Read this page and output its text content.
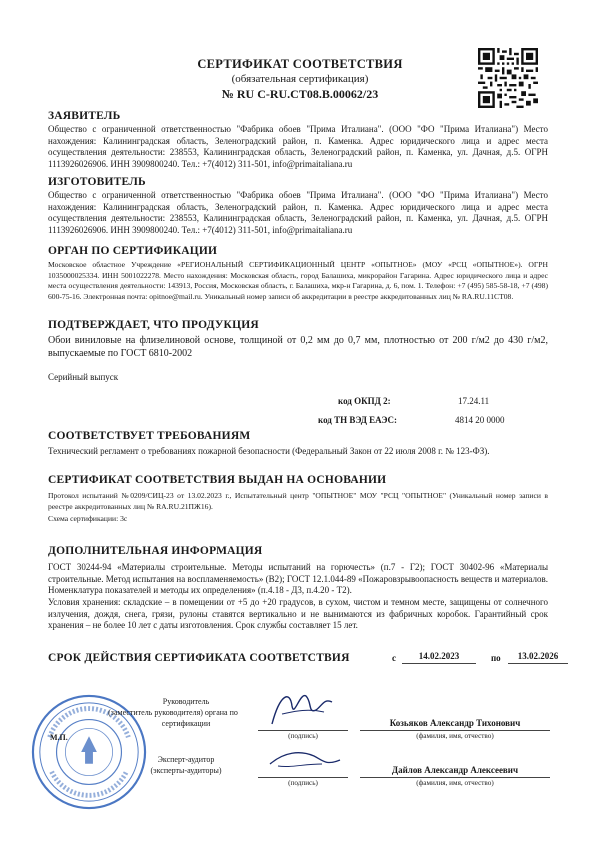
СЕРТИФИКАТ СООТВЕТСТВИЯ
(обязательная сертификация)
№ RU C-RU.СТ08.В.00062/23
ЗАЯВИТЕЛЬ
Общество с ограниченной ответственностью "Фабрика обоев "Прима Италиана". (ООО "ФО "Прима Италиана") Место нахождения: Калининградская область, Зеленоградский район, п. Каменка. Адрес юридического лица и адрес места осуществления деятельности: 238553, Калининградская область, Зеленоградский район, п. Каменка, ул. Дачная, д.5. ОГРН 1113926026906. ИНН 3909800240. Тел.: +7(4012) 311-501, info@primaitaliana.ru
ИЗГОТОВИТЕЛЬ
Общество с ограниченной ответственностью "Фабрика обоев "Прима Италиана". (ООО "ФО "Прима Италиана") Место нахождения: Калининградская область, Зеленоградский район, п. Каменка. Адрес юридического лица и адрес места осуществления деятельности: 238553, Калининградская область, Зеленоградский район, п. Каменка, ул. Дачная, д.5. ОГРН 1113926026906. ИНН 3909800240. Тел.: +7(4012) 311-501, info@primaitaliana.ru
ОРГАН ПО СЕРТИФИКАЦИИ
Московское областное Учреждение «РЕГИОНАЛЬНЫЙ СЕРТИФИКАЦИОННЫЙ ЦЕНТР «ОПЫТНОЕ» (МОУ «РСЦ «ОПЫТНОЕ»). ОГРН 1035000025334. ИНН 5001022278. Место нахождения: Московская область, город Балашиха, микрорайон Гагарина. Адрес юридического лица и адрес места осуществления деятельности: 143913, Россия, Московская область, г. Балашиха, мкр-н Гагарина, д. 6, пом. 1. Телефон: +7 (495) 585-58-18, +7 (498) 600-75-16. Электронная почта: opitnoe@mail.ru. Уникальный номер записи об аккредитации в реестре аккредитованных лиц № RA.RU.11СТ08.
ПОДТВЕРЖДАЕТ, ЧТО ПРОДУКЦИЯ
Обои виниловые на флизелиновой основе, толщиной от 0,2 мм до 0,7 мм, плотностью от 200 г/м2 до 430 г/м2, выпускаемые по ГОСТ 6810-2002
Серийный выпуск
код ОКПД 2:	17.24.11
код ТН ВЭД ЕАЭС:	4814 20 0000
СООТВЕТСТВУЕТ ТРЕБОВАНИЯМ
Технический регламент о требованиях пожарной безопасности (Федеральный Закон от 22 июля 2008 г. № 123-ФЗ).
СЕРТИФИКАТ СООТВЕТСТВИЯ ВЫДАН НА ОСНОВАНИИ
Протокол испытаний №0209/СИЦ-23 от 13.02.2023 г., Испытательный центр "ОПЫТНОЕ" МОУ "РСЦ "ОПЫТНОЕ" (Уникальный номер записи в реестре аккредитованных лиц № RA.RU.21ПЖ16).
Схема сертификации: 3с
ДОПОЛНИТЕЛЬНАЯ ИНФОРМАЦИЯ
ГОСТ 30244-94 «Материалы строительные. Методы испытаний на горючесть» (п.7 - Г2); ГОСТ 30402-96 «Материалы строительные. Метод испытания на воспламеняемость» (В2); ГОСТ 12.1.044-89 «Пожаровзрывоопасность веществ и материалов. Номенклатура показателей и методы их определения» (п.4.18 - Д3, п.4.20 - Т2).
Условия хранения: складские – в помещении от +5 до +20 градусов, в сухом, чистом и темном месте, защищены от солнечного излучения, дождя, снега, грязи, рулоны ставятся вертикально и не вынимаются из фабричных коробок. Гарантийный срок хранения – не более 10 лет с даты изготовления. Срок службы составляет 15 лет.
СРОК ДЕЙСТВИЯ СЕРТИФИКАТА СООТВЕТСТВИЯ	с	14.02.2023	по	13.02.2026
Руководитель
(заместитель руководителя) органа по
сертификации
М.П.	(подпись)
Козьяков Александр Тихонович
(фамилия, имя, отчество)
Эксперт-аудитор
(эксперты-аудиторы)
(подпись)
Дайлов Александр Алексеевич
(фамилия, имя, отчество)
